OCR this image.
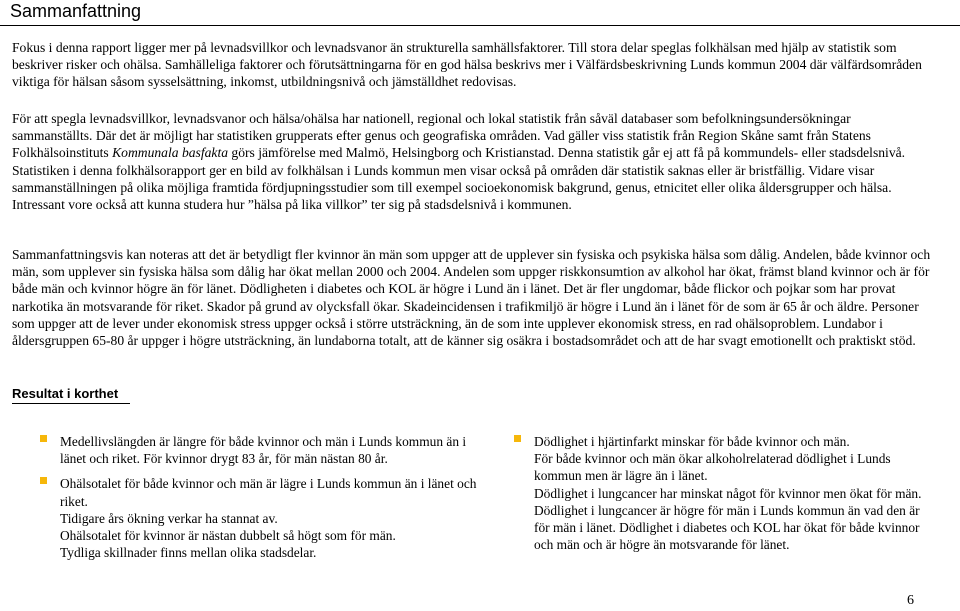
Sammanfattning

Fokus i denna rapport ligger mer på levnadsvillkor och levnadsvanor än strukturella samhällsfaktorer. Till stora delar speglas folkhälsan med hjälp av statistik som beskriver risker och ohälsa. Samhälleliga faktorer och förutsättningarna för en god hälsa beskrivs mer i Välfärdsbeskrivning Lunds kommun 2004 där välfärdsområden viktiga för hälsan såsom sysselsättning, inkomst, utbildningsnivå och jämställdhet redovisas.

För att spegla levnadsvillkor, levnadsvanor och hälsa/ohälsa har nationell, regional och lokal statistik från såväl databaser som befolkningsundersökningar sammanställts. Där det är möjligt har statistiken grupperats efter genus och geografiska områden. Vad gäller viss statistik från Region Skåne samt från Statens Folkhälsoinstituts Kommunala basfakta görs jämförelse med Malmö, Helsingborg och Kristianstad. Denna statistik går ej att få på kommundels- eller stadsdelsnivå. Statistiken i denna folkhälsorapport ger en bild av folkhälsan i Lunds kommun men visar också på områden där statistik saknas eller är bristfällig. Vidare visar sammanställningen på olika möjliga framtida fördjupningsstudier som till exempel socioekonomisk bakgrund, genus, etnicitet eller olika åldersgrupper och hälsa. Intressant vore också att kunna studera hur ”hälsa på lika villkor” ter sig på stadsdelsnivå i kommunen.

Sammanfattningsvis kan noteras att det är betydligt fler kvinnor än män som uppger att de upplever sin fysiska och psykiska hälsa som dålig. Andelen, både kvinnor och män, som upplever sin fysiska hälsa som dålig har ökat mellan 2000 och 2004. Andelen som uppger riskkonsumtion av alkohol har ökat, främst bland kvinnor och är för både män och kvinnor högre än för länet. Dödligheten i diabetes och KOL är högre i Lund än i länet. Det är fler ungdomar, både flickor och pojkar som har provat narkotika än motsvarande för riket. Skador på grund av olycksfall ökar. Skadeincidensen i trafikmiljö är högre i Lund än i länet för de som är 65 år och äldre. Personer som uppger att de lever under ekonomisk stress uppger också i större utsträckning, än de som inte upplever ekonomisk stress, en rad ohälsoproblem. Lundabor i åldersgruppen 65-80 år uppger i högre utsträckning, än lundaborna totalt, att de känner sig osäkra i bostadsområdet och att de har svagt emotionellt och praktiskt stöd.

Resultat i korthet
Medellivslängden är längre för både kvinnor och män i Lunds kommun än i länet och riket. För kvinnor drygt 83 år, för män nästan 80 år.
Ohälsotalet för både kvinnor och män är lägre i Lunds kommun än i länet och riket.
Tidigare års ökning verkar ha stannat av.
Ohälsotalet för kvinnor är nästan dubbelt så högt som för män.
Tydliga skillnader finns mellan olika stadsdelar.
Dödlighet i hjärtinfarkt minskar för både kvinnor och män.
För både kvinnor och män ökar alkoholrelaterad dödlighet i Lunds kommun men är lägre än i länet.
Dödlighet i lungcancer har minskat något för kvinnor men ökat för män. Dödlighet i lungcancer är högre för män i Lunds kommun än vad den är för män i länet. Dödlighet i diabetes och KOL har ökat för både kvinnor och män och är högre än motsvarande för länet.
6
